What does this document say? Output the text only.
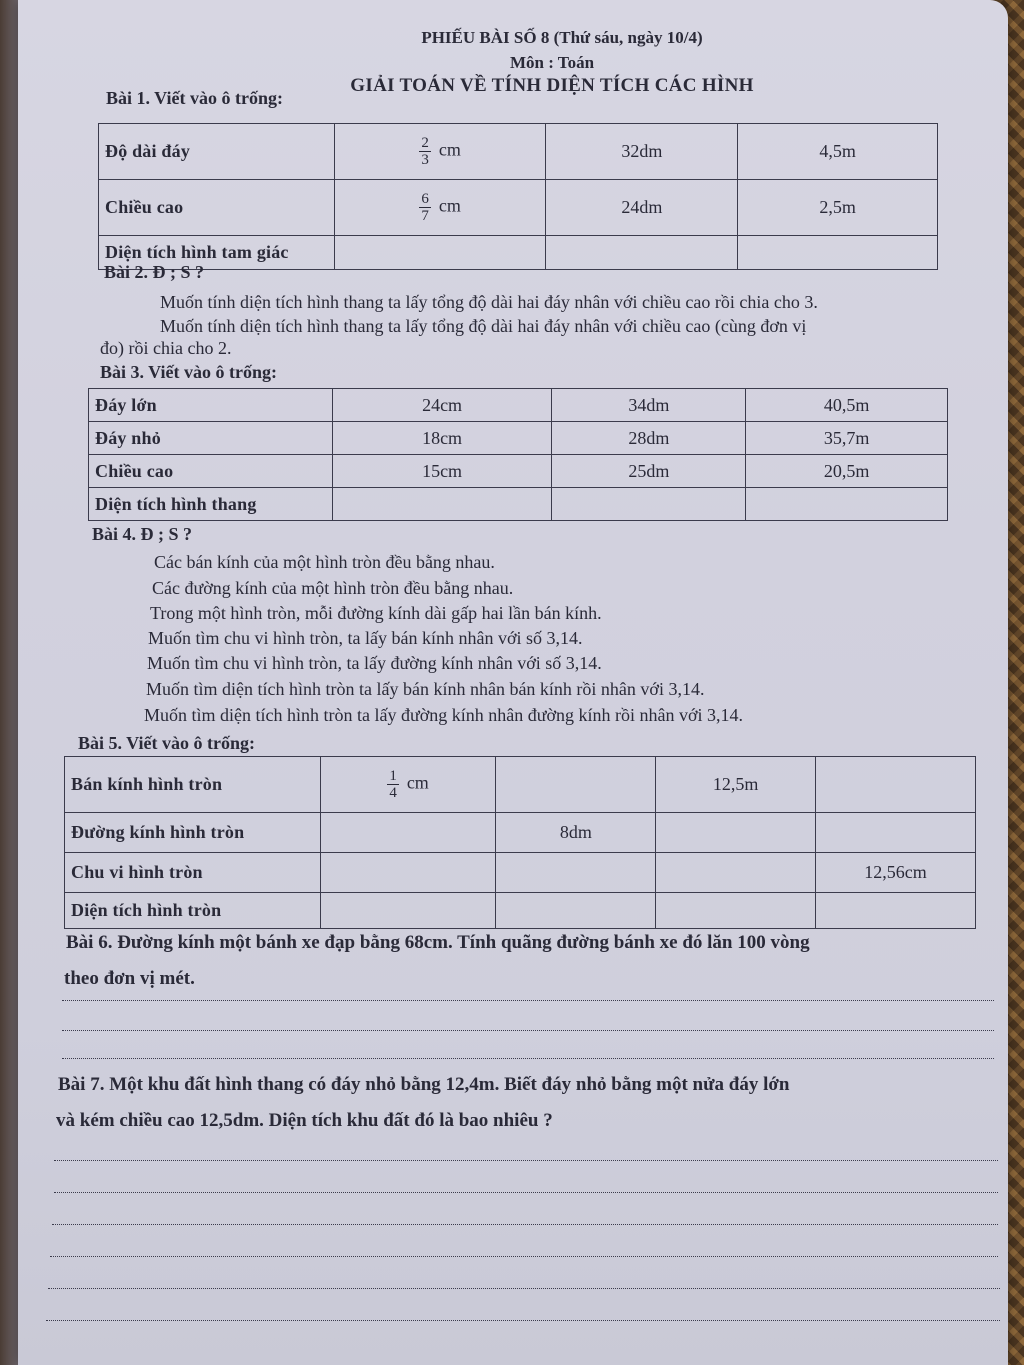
PHIẾU BÀI SỐ 8 (Thứ sáu, ngày 10/4)
Môn : Toán
GIẢI TOÁN VỀ TÍNH DIỆN TÍCH CÁC HÌNH
Bài 1. Viết vào ô trống:
Độ dài đáy	$\frac{2}{3}$ cm	32dm	4,5m
Chiều cao	$\frac{6}{7}$ cm	24dm	2,5m
Diện tích hình tam giác			
Bài 2. Đ ; S ?
Muốn tính diện tích hình thang ta lấy tổng độ dài hai đáy nhân với chiều cao rồi chia cho 3.
Muốn tính diện tích hình thang ta lấy tổng độ dài hai đáy nhân với chiều cao (cùng đơn vị
đo) rồi chia cho 2.
Bài 3. Viết vào ô trống:
Đáy lớn	24cm	34dm	40,5m
Đáy nhỏ	18cm	28dm	35,7m
Chiều cao	15cm	25dm	20,5m
Diện tích hình thang			
Bài 4. Đ ; S ?
Các bán kính của một hình tròn đều bằng nhau.
Các đường kính của một hình tròn đều bằng nhau.
Trong một hình tròn, mỗi đường kính dài gấp hai lần bán kính.
Muốn tìm chu vi hình tròn, ta lấy bán kính nhân với số 3,14.
Muốn tìm chu vi hình tròn, ta lấy đường kính nhân với số 3,14.
Muốn tìm diện tích hình tròn ta lấy bán kính nhân bán kính rồi nhân với 3,14.
Muốn tìm diện tích hình tròn ta lấy đường kính nhân đường kính rồi nhân với 3,14.
Bài 5. Viết vào ô trống:
Bán kính hình tròn	$\frac{1}{4}$ cm		12,5m	
Đường kính hình tròn		8dm		
Chu vi hình tròn				12,56cm
Diện tích hình tròn				
Bài 6. Đường kính một bánh xe đạp bằng 68cm. Tính quãng đường bánh xe đó lăn 100 vòng
theo đơn vị mét.
Bài 7. Một khu đất hình thang có đáy nhỏ bằng 12,4m. Biết đáy nhỏ bằng một nửa đáy lớn
và kém chiều cao 12,5dm. Diện tích khu đất đó là bao nhiêu ?
